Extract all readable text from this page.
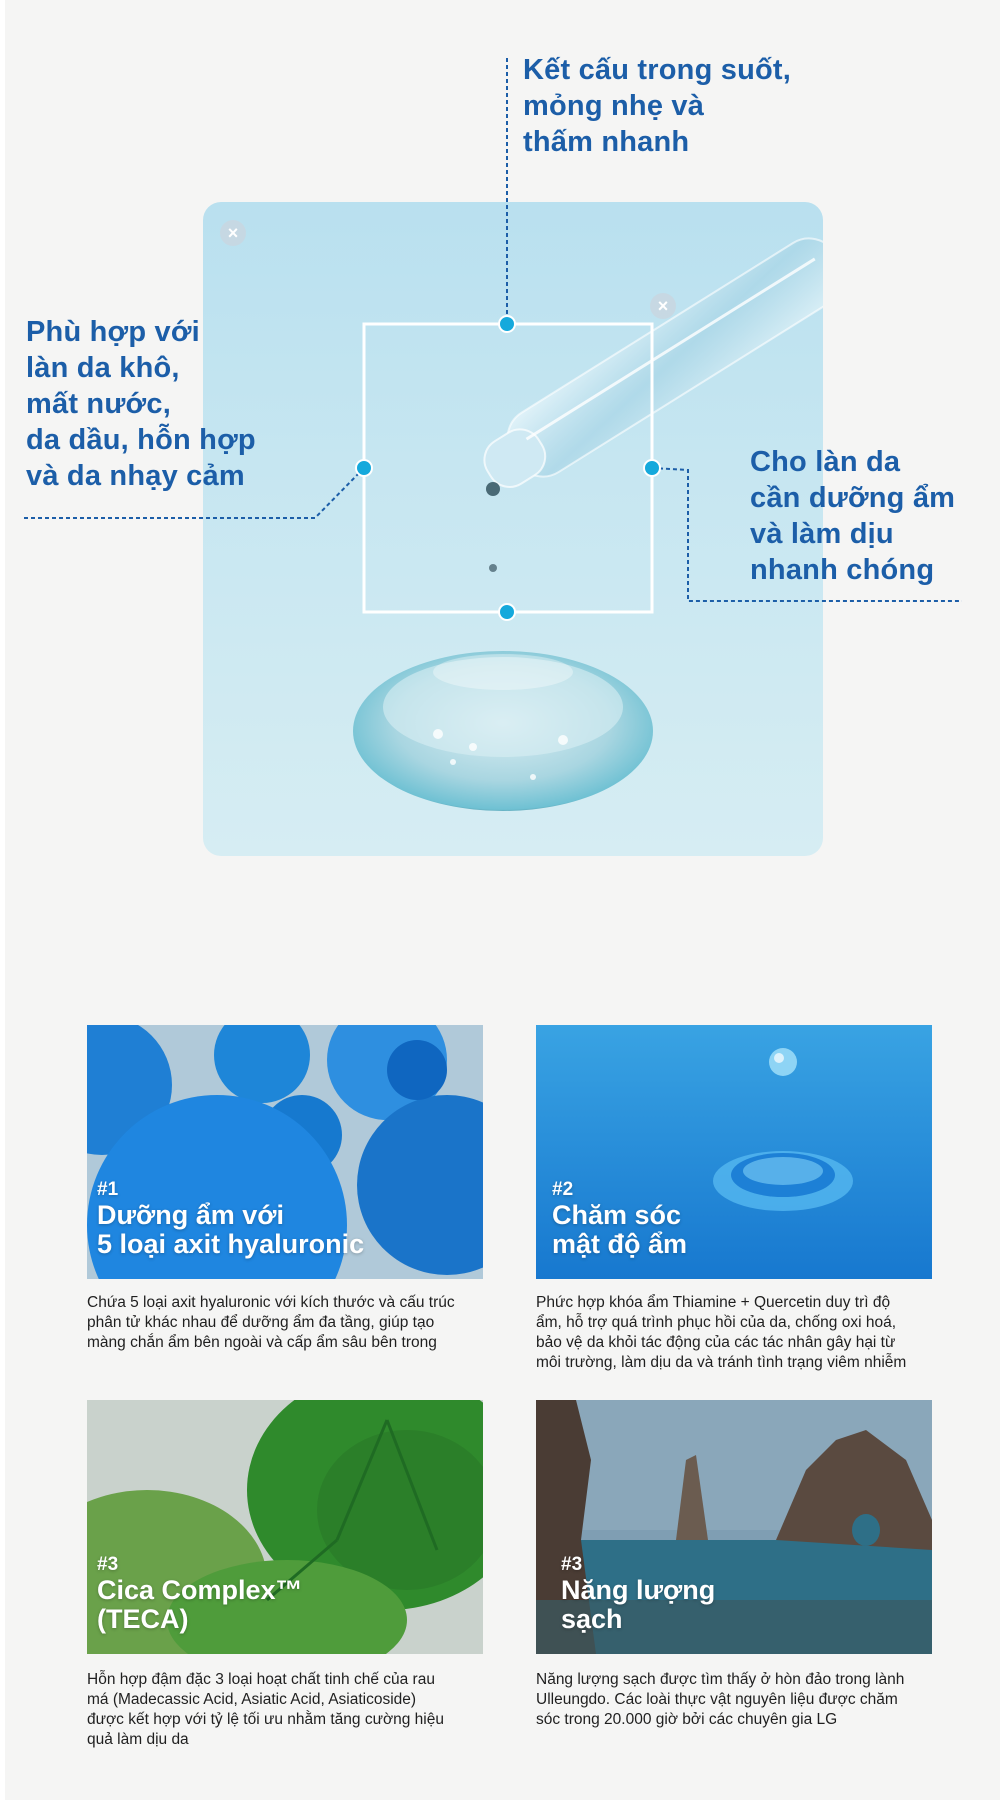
×
×
Kết cấu trong suốt,
mỏng nhẹ và
thấm nhanh
Phù hợp với
làn da khô,
mất nước,
da dầu, hỗn hợp
và da nhạy cảm	Cho làn da
cần dưỡng ẩm
và làm dịu
nhanh chóng
#1
Dưỡng ẩm với
5 loại axit hyaluronic
Chứa 5 loại axit hyaluronic với kích thước và cấu trúc
phân tử khác nhau để dưỡng ẩm đa tầng, giúp tạo
màng chắn ẩm bên ngoài và cấp ẩm sâu bên trong
#2
Chăm sóc
mật độ ẩm
Phức hợp khóa ẩm Thiamine + Quercetin duy trì độ
ẩm, hỗ trợ quá trình phục hồi của da, chống oxi hoá,
bảo vệ da khỏi tác động của các tác nhân gây hại từ
môi trường, làm dịu da và tránh tình trạng viêm nhiễm
#3
Cica Complex™
(TECA)
Hỗn hợp đậm đặc 3 loại hoạt chất tinh chế của rau
má (Madecassic Acid, Asiatic Acid, Asiaticoside)
được kết hợp với tỷ lệ tối ưu nhằm tăng cường hiệu
quả làm dịu da
#3
Năng lượng
sạch
Năng lượng sạch được tìm thấy ở hòn đảo trong lành
Ulleungdo. Các loài thực vật nguyên liệu được chăm
sóc trong 20.000 giờ bởi các chuyên gia LG
